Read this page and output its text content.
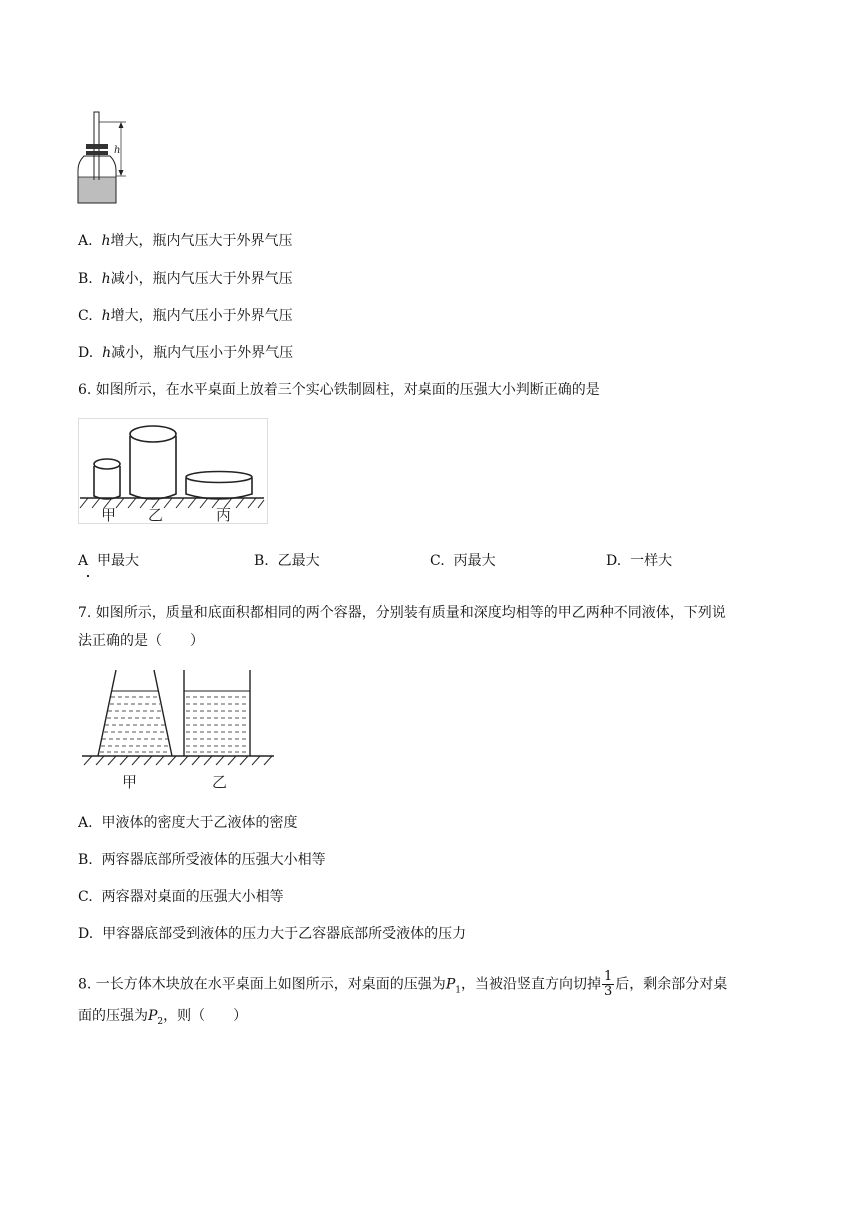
h
A. h增大，瓶内气压大于外界气压
B. h减小，瓶内气压大于外界气压
C. h增大，瓶内气压小于外界气压
D. h减小，瓶内气压小于外界气压
6. 如图所示，在水平桌面上放着三个实心铁制圆柱，对桌面的压强大小判断正确的是
甲 乙	丙
A 甲最大	B. 乙最大	C. 丙最大	D. 一样大
7. 如图所示，质量和底面积都相同的两个容器，分别装有质量和深度均相等的甲乙两种不同液体，下列说
法正确的是（　　）
甲	乙
A. 甲液体的密度大于乙液体的密度
B. 两容器底部所受液体的压强大小相等
C. 两容器对桌面的压强大小相等
D. 甲容器底部受到液体的压力大于乙容器底部所受液体的压力
8. 一长方体木块放在水平桌面上如图所示，对桌面的压强为$P_1$，当被沿竖直方向切掉 $\frac{1}{3}$ 后，剩余部分对桌
面的压强为$P_2$，则（　　）
